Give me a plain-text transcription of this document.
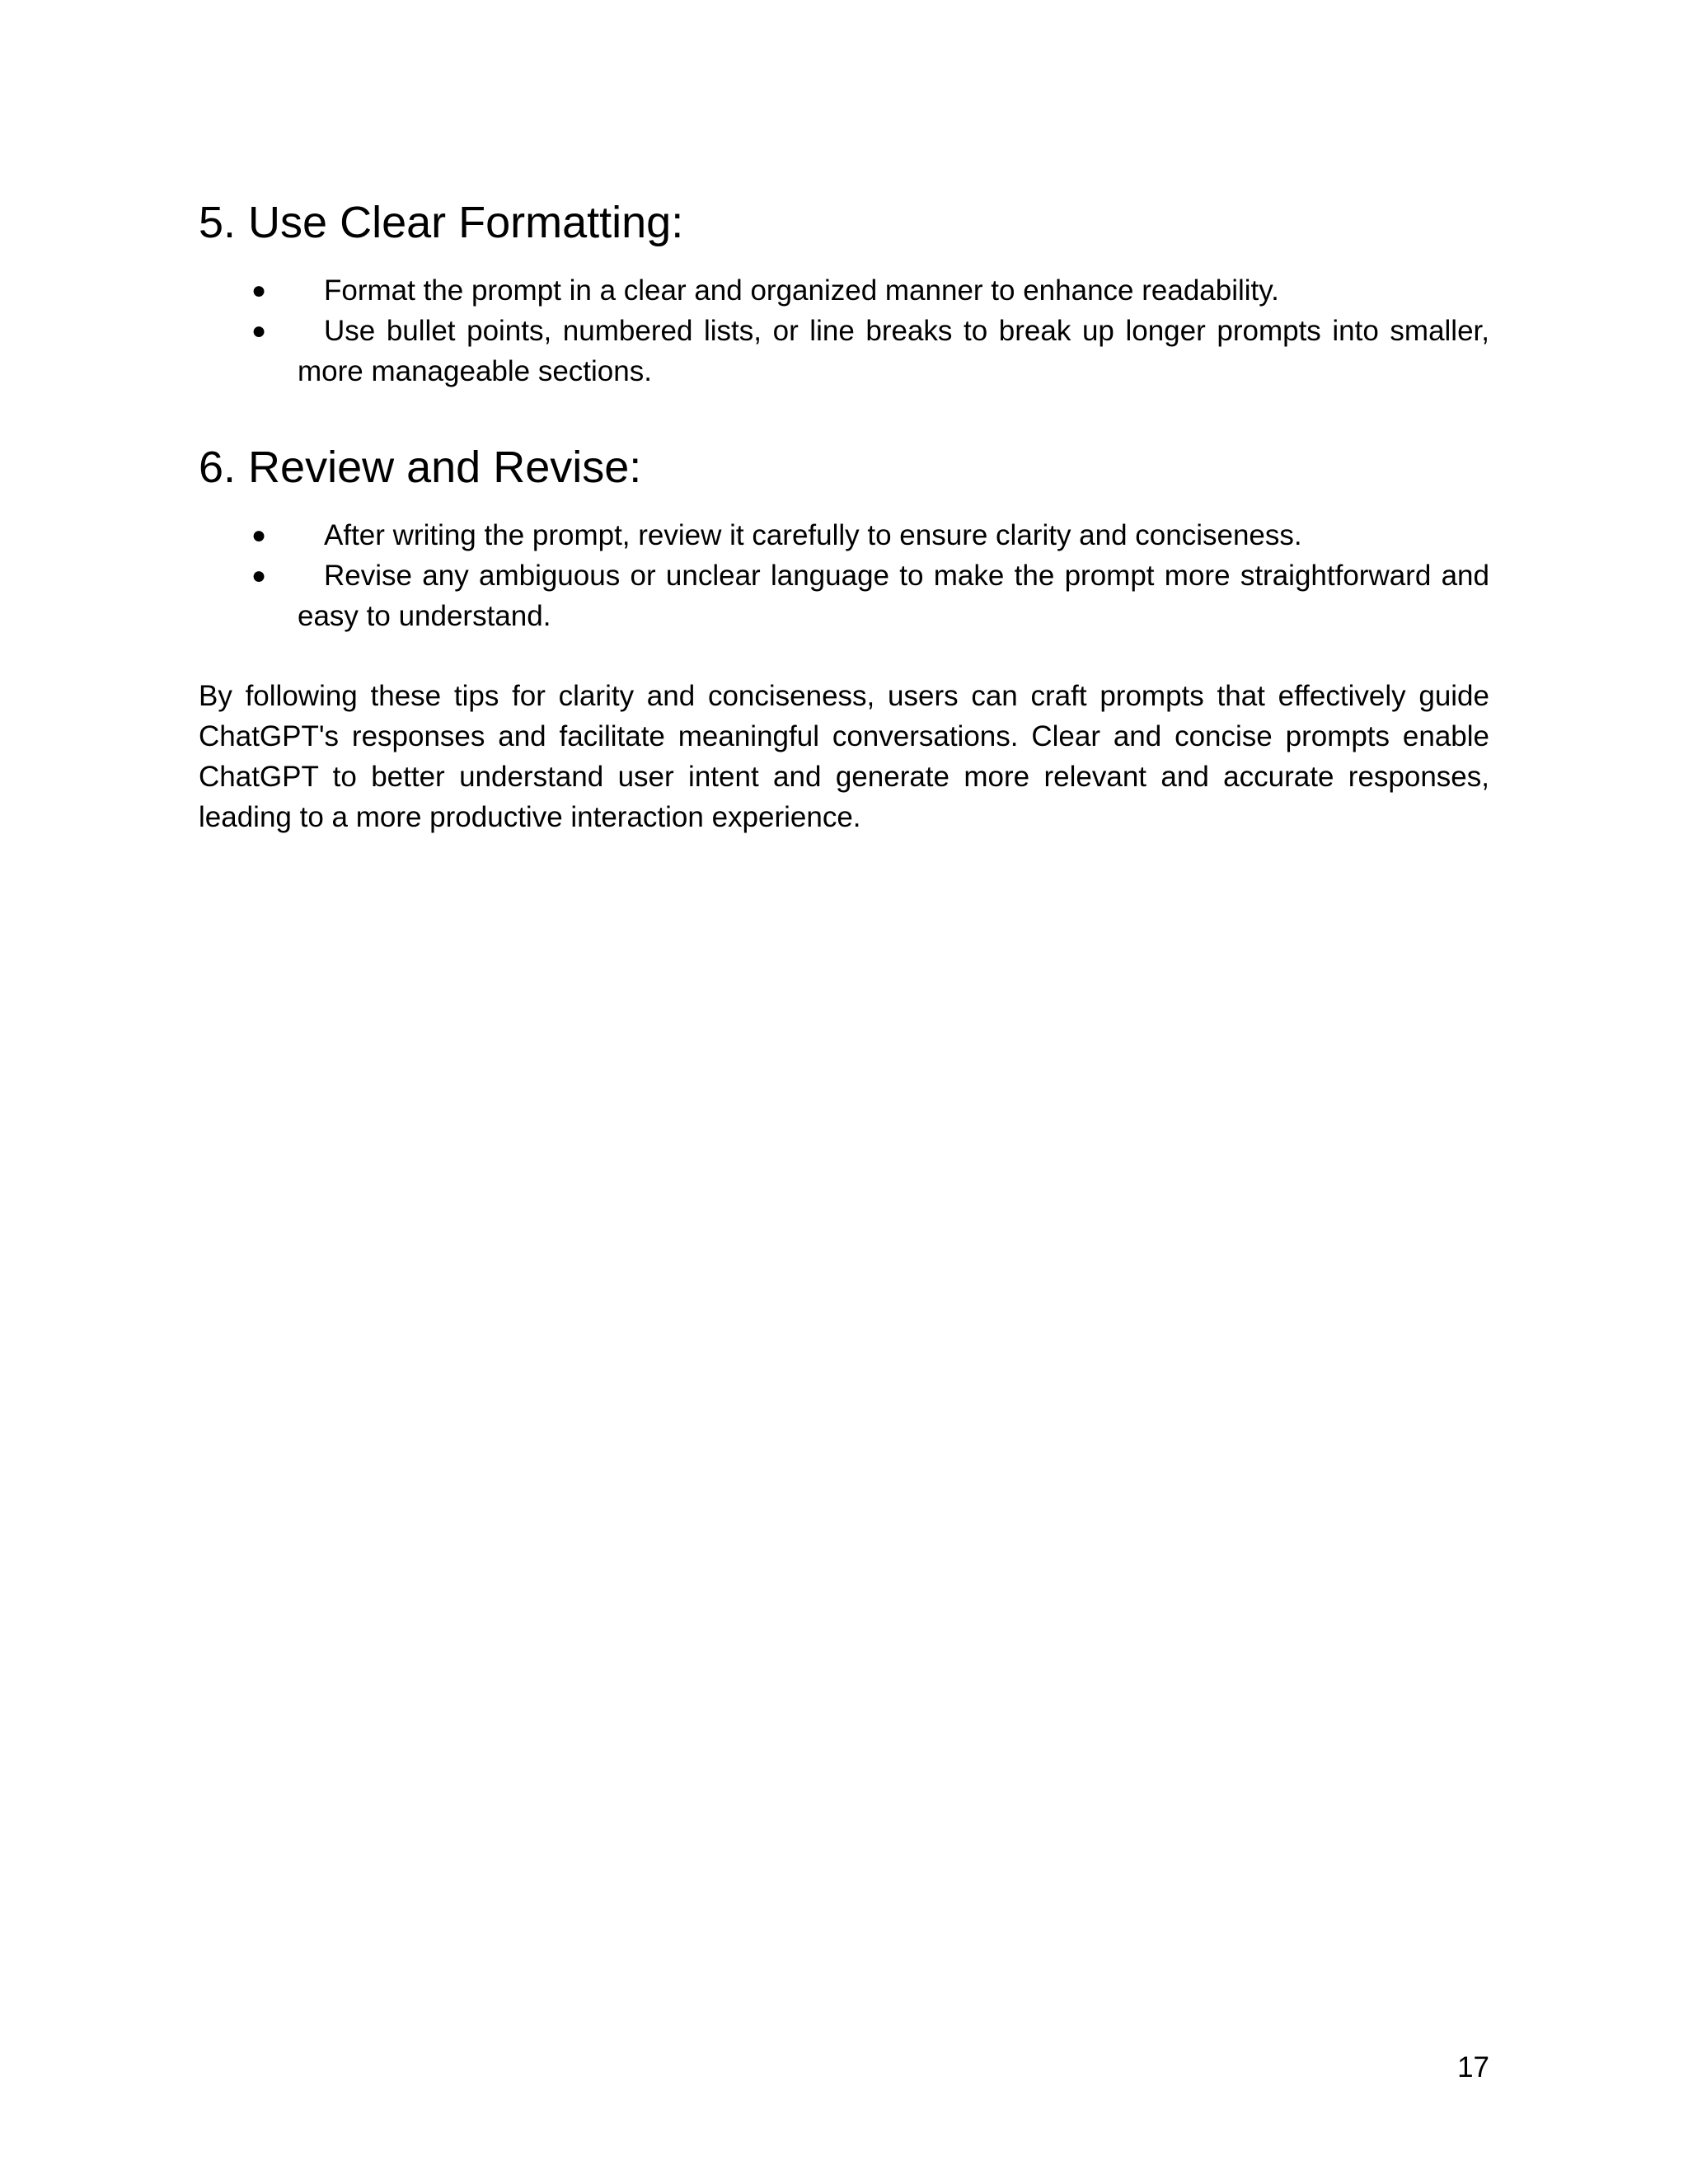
5. Use Clear Formatting:
● Format the prompt in a clear and organized manner to enhance readability.
● Use bullet points, numbered lists, or line breaks to break up longer prompts into smaller, more manageable sections.
6. Review and Revise:
● After writing the prompt, review it carefully to ensure clarity and conciseness.
● Revise any ambiguous or unclear language to make the prompt more straightforward and easy to understand.

By following these tips for clarity and conciseness, users can craft prompts that effectively guide ChatGPT's responses and facilitate meaningful conversations. Clear and concise prompts enable ChatGPT to better understand user intent and generate more relevant and accurate responses, leading to a more productive interaction experience.

17
